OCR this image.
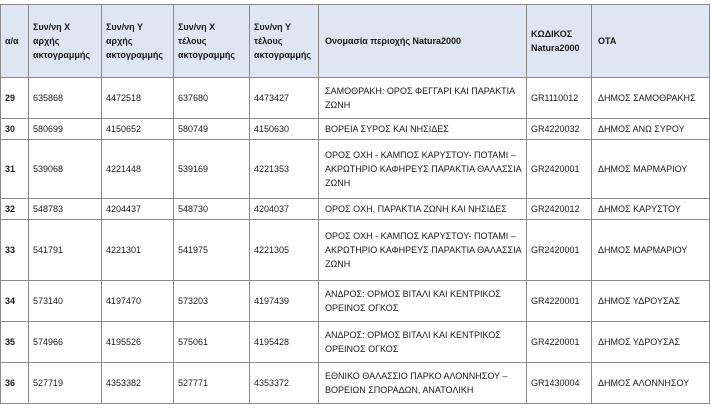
α/α	Συν/νη Χ αρχής ακτογραμμής	Συν/νη Υ αρχής ακτογραμμής	Συν/νη Χ τέλους ακτογραμμής	Συν/νη Υ τέλους ακτογραμμής	Ονομασία περιοχής Natura2000	ΚΩΔΙΚΟΣ Natura2000	ΟΤΑ
29	635868	4472518	637680	4473427	ΣΑΜΟΘΡΑΚΗ: ΟΡΟΣ ΦΕΓΓΑΡΙ ΚΑΙ ΠΑΡΑΚΤΙΑ ΖΩΝΗ	GR1110012	ΔΗΜΟΣ ΣΑΜΟΘΡΑΚΗΣ
30	580699	4150652	580749	4150630	ΒΟΡΕΙΑ ΣΥΡΟΣ ΚΑΙ ΝΗΣΙΔΕΣ	GR4220032	ΔΗΜΟΣ ΑΝΩ ΣΥΡΟΥ
31	539068	4221448	539169	4221353	ΟΡΟΣ ΟΧΗ - ΚΑΜΠΟΣ ΚΑΡΥΣΤΟΥ- ΠΟΤΑΜΙ – ΑΚΡΩΤΗΡΙΟ ΚΑΦΗΡΕΥΣ ΠΑΡΑΚΤΙΑ ΘΑΛΑΣΣΙΑ ΖΩΝΗ	GR2420001	ΔΗΜΟΣ ΜΑΡΜΑΡΙΟΥ
32	548783	4204437	548730	4204037	ΟΡΟΣ ΟΧΗ, ΠΑΡΑΚΤΙΑ ΖΩΝΗ ΚΑΙ ΝΗΣΙΔΕΣ	GR2420012	ΔΗΜΟΣ ΚΑΡΥΣΤΟΥ
33	541791	4221301	541975	4221305	ΟΡΟΣ ΟΧΗ - ΚΑΜΠΟΣ ΚΑΡΥΣΤΟΥ- ΠΟΤΑΜΙ – ΑΚΡΩΤΗΡΙΟ ΚΑΦΗΡΕΥΣ ΠΑΡΑΚΤΙΑ ΘΑΛΑΣΣΙΑ ΖΩΝΗ	GR2420001	ΔΗΜΟΣ ΜΑΡΜΑΡΙΟΥ
34	573140	4197470	573203	4197439	ΑΝΔΡΟΣ: ΟΡΜΟΣ ΒΙΤΑΛΙ ΚΑΙ ΚΕΝΤΡΙΚΟΣ ΟΡΕΙΝΟΣ ΟΓΚΟΣ	GR4220001	ΔΗΜΟΣ ΥΔΡΟΥΣΑΣ
35	574966	4195526	575061	4195428	ΑΝΔΡΟΣ: ΟΡΜΟΣ ΒΙΤΑΛΙ ΚΑΙ ΚΕΝΤΡΙΚΟΣ ΟΡΕΙΝΟΣ ΟΓΚΟΣ	GR4220001	ΔΗΜΟΣ ΥΔΡΟΥΣΑΣ
36	527719	4353382	527771	4353372	ΕΘΝΙΚΟ ΘΑΛΑΣΣΙΟ ΠΑΡΚΟ ΑΛΟΝΝΗΣΟΥ – ΒΟΡΕΙΩΝ ΣΠΟΡΑΔΩΝ, ΑΝΑΤΟΛΙΚΗ	GR1430004	ΔΗΜΟΣ ΑΛΟΝΝΗΣΟΥ
